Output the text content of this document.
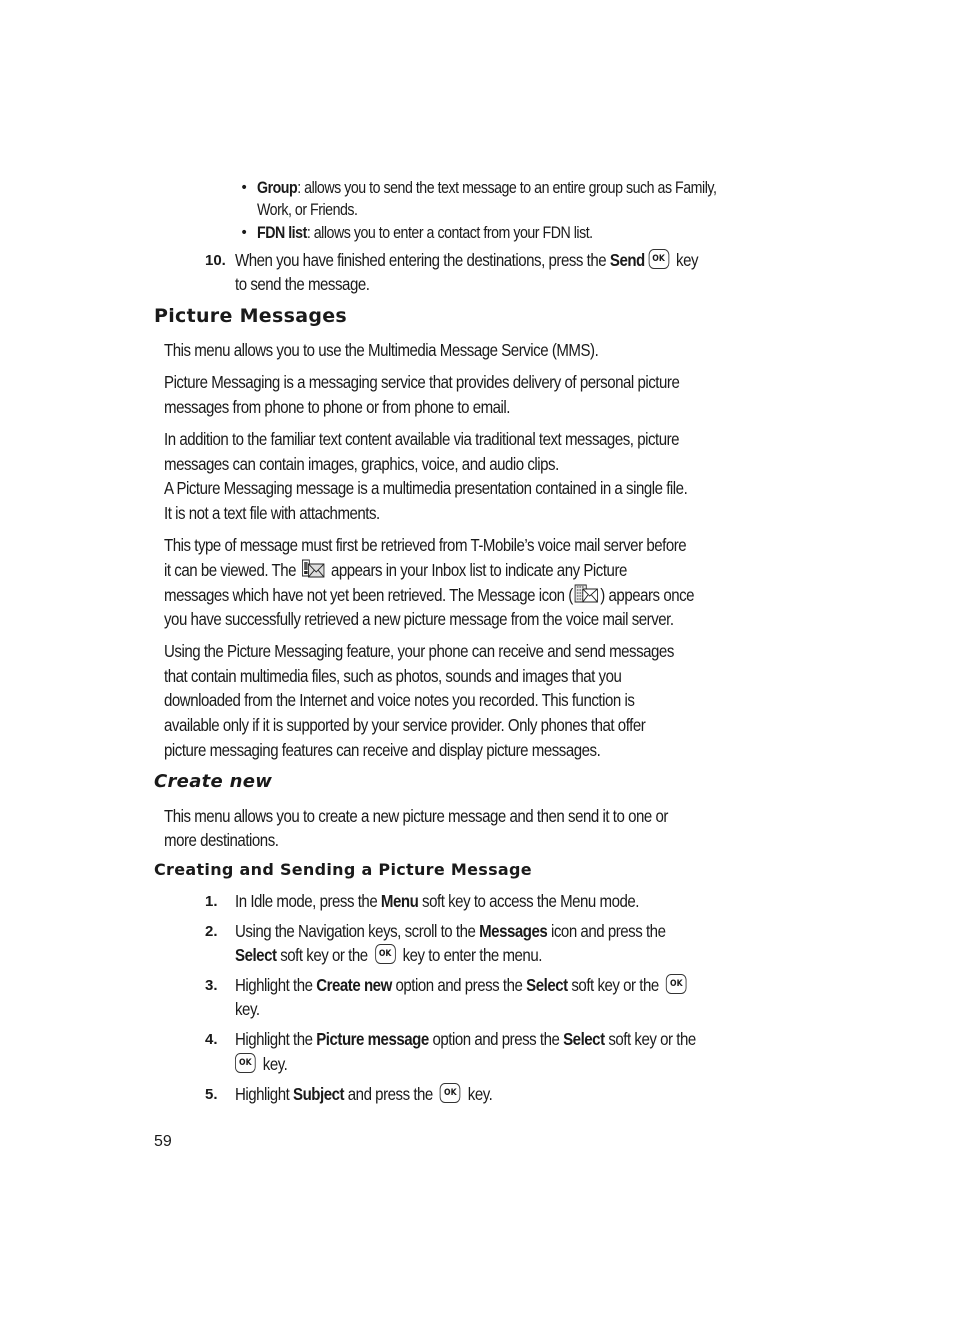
• Group: allows you to send the text message to an entire group such as Family,
Work, or Friends.
• FDN list: allows you to enter a contact from your FDN list.
10. When you have finished entering the destinations, press the Send OK key
to send the message.
Picture Messages
This menu allows you to use the Multimedia Message Service (MMS).
Picture Messaging is a messaging service that provides delivery of personal picture
messages from phone to phone or from phone to email.
In addition to the familiar text content available via traditional text messages, picture
messages can contain images, graphics, voice, and audio clips.
A Picture Messaging message is a multimedia presentation contained in a single file.
It is not a text file with attachments.
This type of message must first be retrieved from T-Mobile’s voice mail server before
it can be viewed. The  appears in your Inbox list to indicate any Picture
messages which have not yet been retrieved. The Message icon ( ) appears once
you have successfully retrieved a new picture message from the voice mail server.
Using the Picture Messaging feature, your phone can receive and send messages
that contain multimedia files, such as photos, sounds and images that you
downloaded from the Internet and voice notes you recorded. This function is
available only if it is supported by your service provider. Only phones that offer
picture messaging features can receive and display picture messages.
Create new
This menu allows you to create a new picture message and then send it to one or
more destinations.
Creating and Sending a Picture Message
1. In Idle mode, press the Menu soft key to access the Menu mode.
2. Using the Navigation keys, scroll to the Messages icon and press the
Select soft key or the OK key to enter the menu.
3. Highlight the Create new option and press the Select soft key or the OK
key.
4. Highlight the Picture message option and press the Select soft key or the
OK key.
5. Highlight Subject and press the OK key.
59
